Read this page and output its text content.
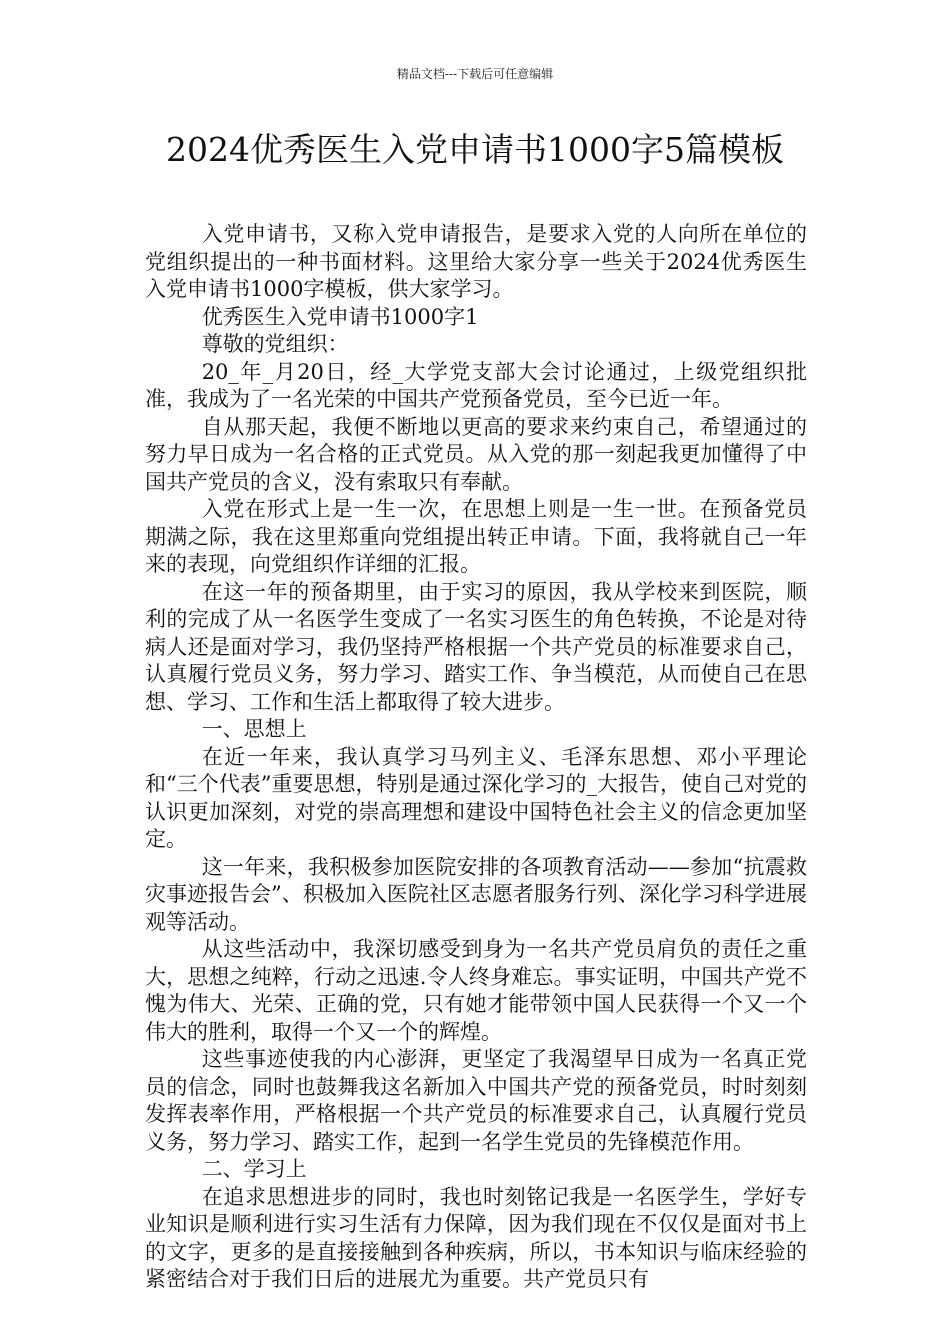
精品文档---下载后可任意编辑
2024优秀医生入党申请书1000字5篇模板

入党申请书，又称入党申请报告，是要求入党的人向所在单位的党组织提出的一种书面材料。这里给大家分享一些关于2024优秀医生入党申请书1000字模板，供大家学习。

优秀医生入党申请书1000字1

尊敬的党组织：

20_年_月20日，经_大学党支部大会讨论通过，上级党组织批准，我成为了一名光荣的中国共产党预备党员，至今已近一年。

自从那天起，我便不断地以更高的要求来约束自己，希望通过的努力早日成为一名合格的正式党员。从入党的那一刻起我更加懂得了中国共产党员的含义，没有索取只有奉献。

入党在形式上是一生一次，在思想上则是一生一世。在预备党员期满之际，我在这里郑重向党组提出转正申请。下面，我将就自己一年来的表现，向党组织作详细的汇报。

在这一年的预备期里，由于实习的原因，我从学校来到医院，顺利的完成了从一名医学生变成了一名实习医生的角色转换，不论是对待病人还是面对学习，我仍坚持严格根据一个共产党员的标准要求自己，认真履行党员义务，努力学习、踏实工作、争当模范，从而使自己在思想、学习、工作和生活上都取得了较大进步。

一、思想上

在近一年来，我认真学习马列主义、毛泽东思想、邓小平理论和“三个代表”重要思想，特别是通过深化学习的_大报告，使自己对党的认识更加深刻，对党的崇高理想和建设中国特色社会主义的信念更加坚定。

这一年来，我积极参加医院安排的各项教育活动——参加“抗震救灾事迹报告会”、积极加入医院社区志愿者服务行列、深化学习科学进展观等活动。

从这些活动中，我深切感受到身为一名共产党员肩负的责任之重大，思想之纯粹，行动之迅速.令人终身难忘。事实证明，中国共产党不愧为伟大、光荣、正确的党，只有她才能带领中国人民获得一个又一个伟大的胜利，取得一个又一个的辉煌。

这些事迹使我的内心澎湃，更坚定了我渴望早日成为一名真正党员的信念，同时也鼓舞我这名新加入中国共产党的预备党员，时时刻刻发挥表率作用，严格根据一个共产党员的标准要求自己，认真履行党员义务，努力学习、踏实工作，起到一名学生党员的先锋模范作用。

二、学习上

在追求思想进步的同时，我也时刻铭记我是一名医学生，学好专业知识是顺利进行实习生活有力保障，因为我们现在不仅仅是面对书上的文字，更多的是直接接触到各种疾病，所以，书本知识与临床经验的紧密结合对于我们日后的进展尤为重要。共产党员只有
